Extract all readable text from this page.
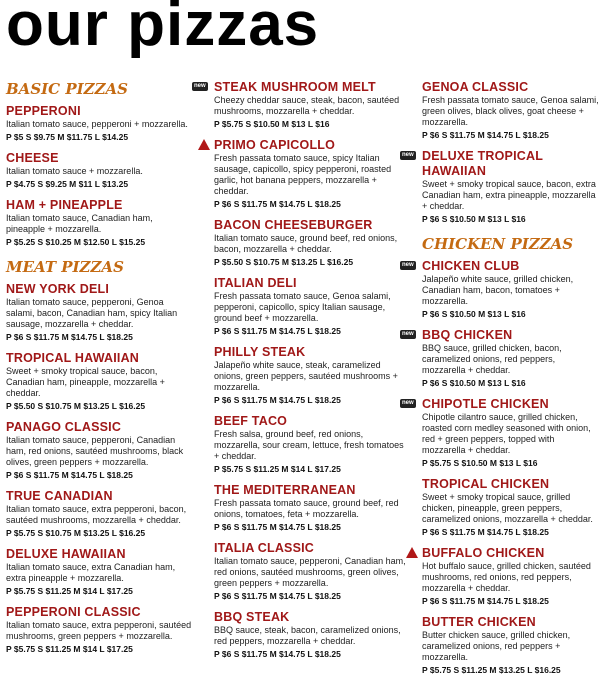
our pizzas
BASIC PIZZAS
PEPPERONI
Italian tomato sauce, pepperoni + mozzarella.
P $5 S $9.75 M $11.75 L $14.25
CHEESE
Italian tomato sauce + mozzarella.
P $4.75 S $9.25 M $11 L $13.25
HAM + PINEAPPLE
Italian tomato sauce, Canadian ham, pineapple + mozzarella.
P $5.25 S $10.25 M $12.50 L $15.25
MEAT PIZZAS
NEW YORK DELI
Italian tomato sauce, pepperoni, Genoa salami, bacon, Canadian ham, spicy Italian sausage, mozzarella + cheddar.
P $6 S $11.75 M $14.75 L $18.25
TROPICAL HAWAIIAN
Sweet + smoky tropical sauce, bacon, Canadian ham, pineapple, mozzarella + cheddar.
P $5.50 S $10.75 M $13.25 L $16.25
PANAGO CLASSIC
Italian tomato sauce, pepperoni, Canadian ham, red onions, sautéed mushrooms, black olives, green peppers + mozzarella.
P $6 S $11.75 M $14.75 L $18.25
TRUE CANADIAN
Italian tomato sauce, extra pepperoni, bacon, sautéed mushrooms, mozzarella + cheddar.
P $5.75 S $10.75 M $13.25 L $16.25
DELUXE HAWAIIAN
Italian tomato sauce, extra Canadian ham, extra pineapple + mozzarella.
P $5.75 S $11.25 M $14 L $17.25
PEPPERONI CLASSIC
Italian tomato sauce, extra pepperoni, sautéed mushrooms, green peppers + mozzarella.
P $5.75 S $11.25 M $14 L $17.25
new STEAK MUSHROOM MELT
Cheezy cheddar sauce, steak, bacon, sautéed mushrooms, mozzarella + cheddar.
P $5.75 S $10.50 M $13 L $16
PRIMO CAPICOLLO
Fresh passata tomato sauce, spicy Italian sausage, capicollo, spicy pepperoni, roasted garlic, hot banana peppers, mozzarella + cheddar.
P $6 S $11.75 M $14.75 L $18.25
BACON CHEESEBURGER
Italian tomato sauce, ground beef, red onions, bacon, mozzarella + cheddar.
P $5.50 S $10.75 M $13.25 L $16.25
ITALIAN DELI
Fresh passata tomato sauce, Genoa salami, pepperoni, capicollo, spicy Italian sausage, ground beef + mozzarella.
P $6 S $11.75 M $14.75 L $18.25
PHILLY STEAK
Jalapeño white sauce, steak, caramelized onions, green peppers, sautéed mushrooms + mozzarella.
P $6 S $11.75 M $14.75 L $18.25
BEEF TACO
Fresh salsa, ground beef, red onions, mozzarella, sour cream, lettuce, fresh tomatoes + cheddar.
P $5.75 S $11.25 M $14 L $17.25
THE MEDITERRANEAN
Fresh passata tomato sauce, ground beef, red onions, tomatoes, feta + mozzarella.
P $6 S $11.75 M $14.75 L $18.25
ITALIA CLASSIC
Italian tomato sauce, pepperoni, Canadian ham, red onions, sautéed mushrooms, green olives, green peppers + mozzarella.
P $6 S $11.75 M $14.75 L $18.25
BBQ STEAK
BBQ sauce, steak, bacon, caramelized onions, red peppers, mozzarella + cheddar.
P $6 S $11.75 M $14.75 L $18.25
GENOA CLASSIC
Fresh passata tomato sauce, Genoa salami, green olives, black olives, goat cheese + mozzarella.
P $6 S $11.75 M $14.75 L $18.25
new DELUXE TROPICAL HAWAIIAN
Sweet + smoky tropical sauce, bacon, extra Canadian ham, extra pineapple, mozzarella + cheddar.
P $6 S $10.50 M $13 L $16
CHICKEN PIZZAS
new CHICKEN CLUB
Jalapeño white sauce, grilled chicken, Canadian ham, bacon, tomatoes + mozzarella.
P $6 S $10.50 M $13 L $16
new BBQ CHICKEN
BBQ sauce, grilled chicken, bacon, caramelized onions, red peppers, mozzarella + cheddar.
P $6 S $10.50 M $13 L $16
new CHIPOTLE CHICKEN
Chipotle cilantro sauce, grilled chicken, roasted corn medley seasoned with onion, red + green peppers, topped with mozzarella + cheddar.
P $5.75 S $10.50 M $13 L $16
TROPICAL CHICKEN
Sweet + smoky tropical sauce, grilled chicken, pineapple, green peppers, caramelized onions, mozzarella + cheddar.
P $6 S $11.75 M $14.75 L $18.25
BUFFALO CHICKEN
Hot buffalo sauce, grilled chicken, sautéed mushrooms, red onions, red peppers, mozzarella + cheddar.
P $6 S $11.75 M $14.75 L $18.25
BUTTER CHICKEN
Butter chicken sauce, grilled chicken, caramelized onions, red peppers + mozzarella.
P $5.75 S $11.25 M $13.25 L $16.25
